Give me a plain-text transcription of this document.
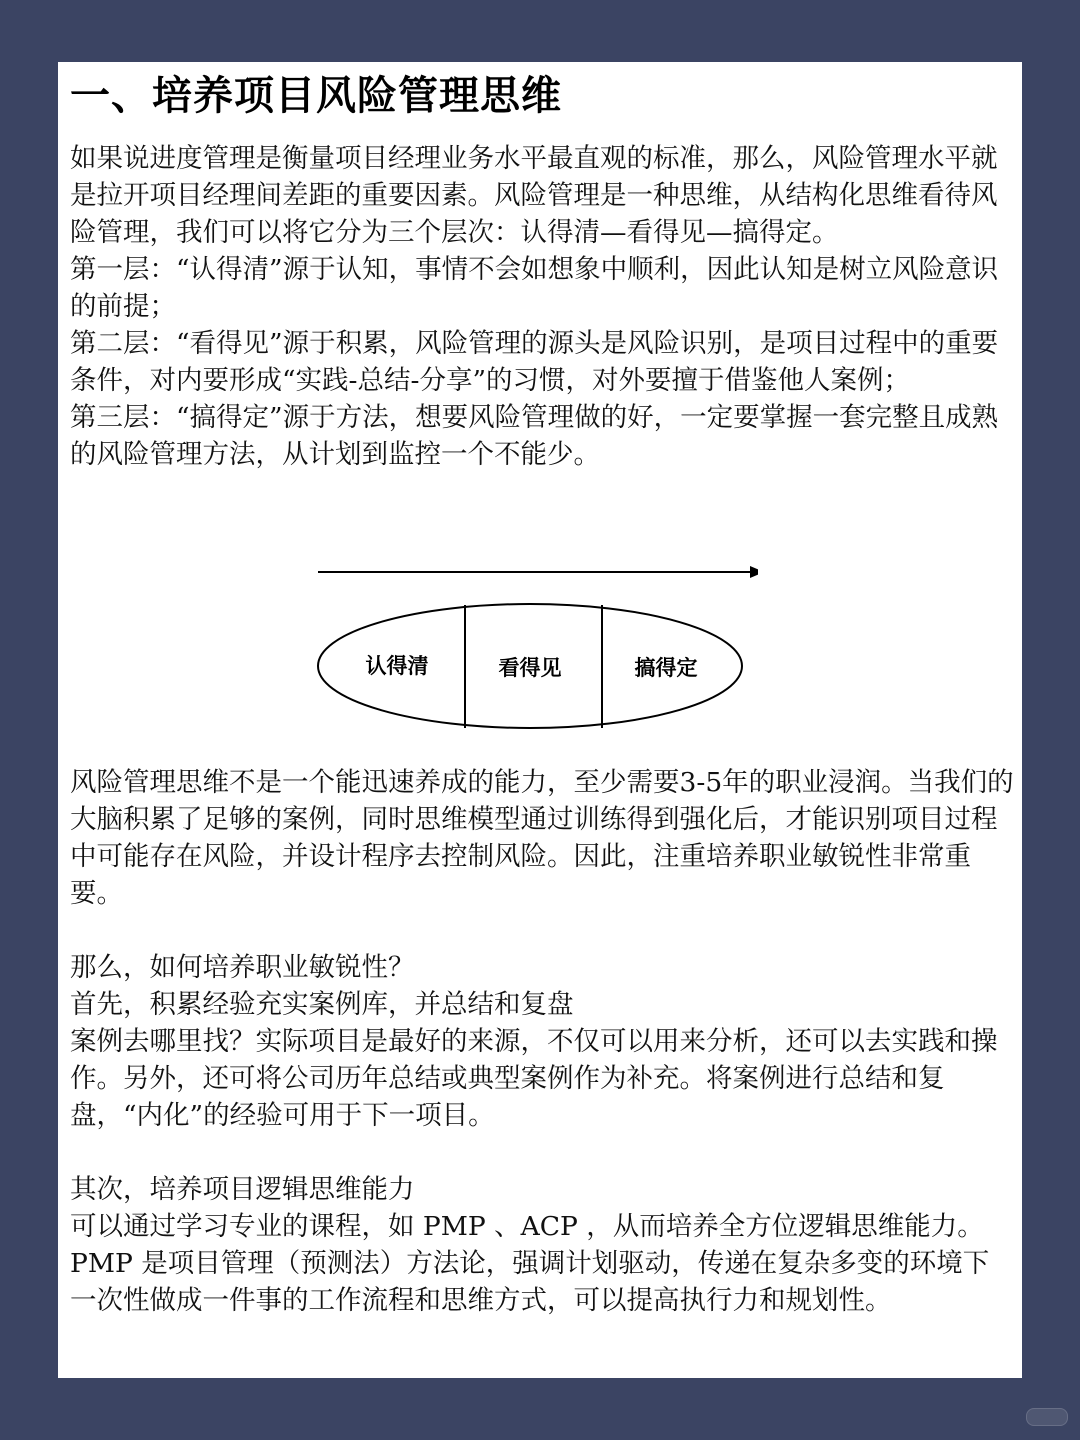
一、培养项目风险管理思维

如果说进度管理是衡量项目经理业务水平最直观的标准，那么，风险管理水平就是拉开项目经理间差距的重要因素。风险管理是一种思维，从结构化思维看待风险管理，我们可以将它分为三个层次：认得清—看得见—搞得定。

第一层：“认得清”源于认知，事情不会如想象中顺利，因此认知是树立风险意识的前提；

第二层：“看得见”源于积累，风险管理的源头是风险识别，是项目过程中的重要条件，对内要形成“实践-总结-分享”的习惯，对外要擅于借鉴他人案例；

第三层：“搞得定”源于方法，想要风险管理做的好，一定要掌握一套完整且成熟的风险管理方法，从计划到监控一个不能少。

认得清	看得见	搞得定

风险管理思维不是一个能迅速养成的能力，至少需要3-5年的职业浸润。当我们的大脑积累了足够的案例，同时思维模型通过训练得到强化后，才能识别项目过程中可能存在风险，并设计程序去控制风险。因此，注重培养职业敏锐性非常重要。

那么，如何培养职业敏锐性？

首先，积累经验充实案例库，并总结和复盘

案例去哪里找？实际项目是最好的来源，不仅可以用来分析，还可以去实践和操作。另外，还可将公司历年总结或典型案例作为补充。将案例进行总结和复盘，“内化”的经验可用于下一项目。

其次，培养项目逻辑思维能力

可以通过学习专业的课程，如 PMP 、ACP ，从而培养全方位逻辑思维能力。PMP 是项目管理（预测法）方法论，强调计划驱动，传递在复杂多变的环境下一次性做成一件事的工作流程和思维方式，可以提高执行力和规划性。
